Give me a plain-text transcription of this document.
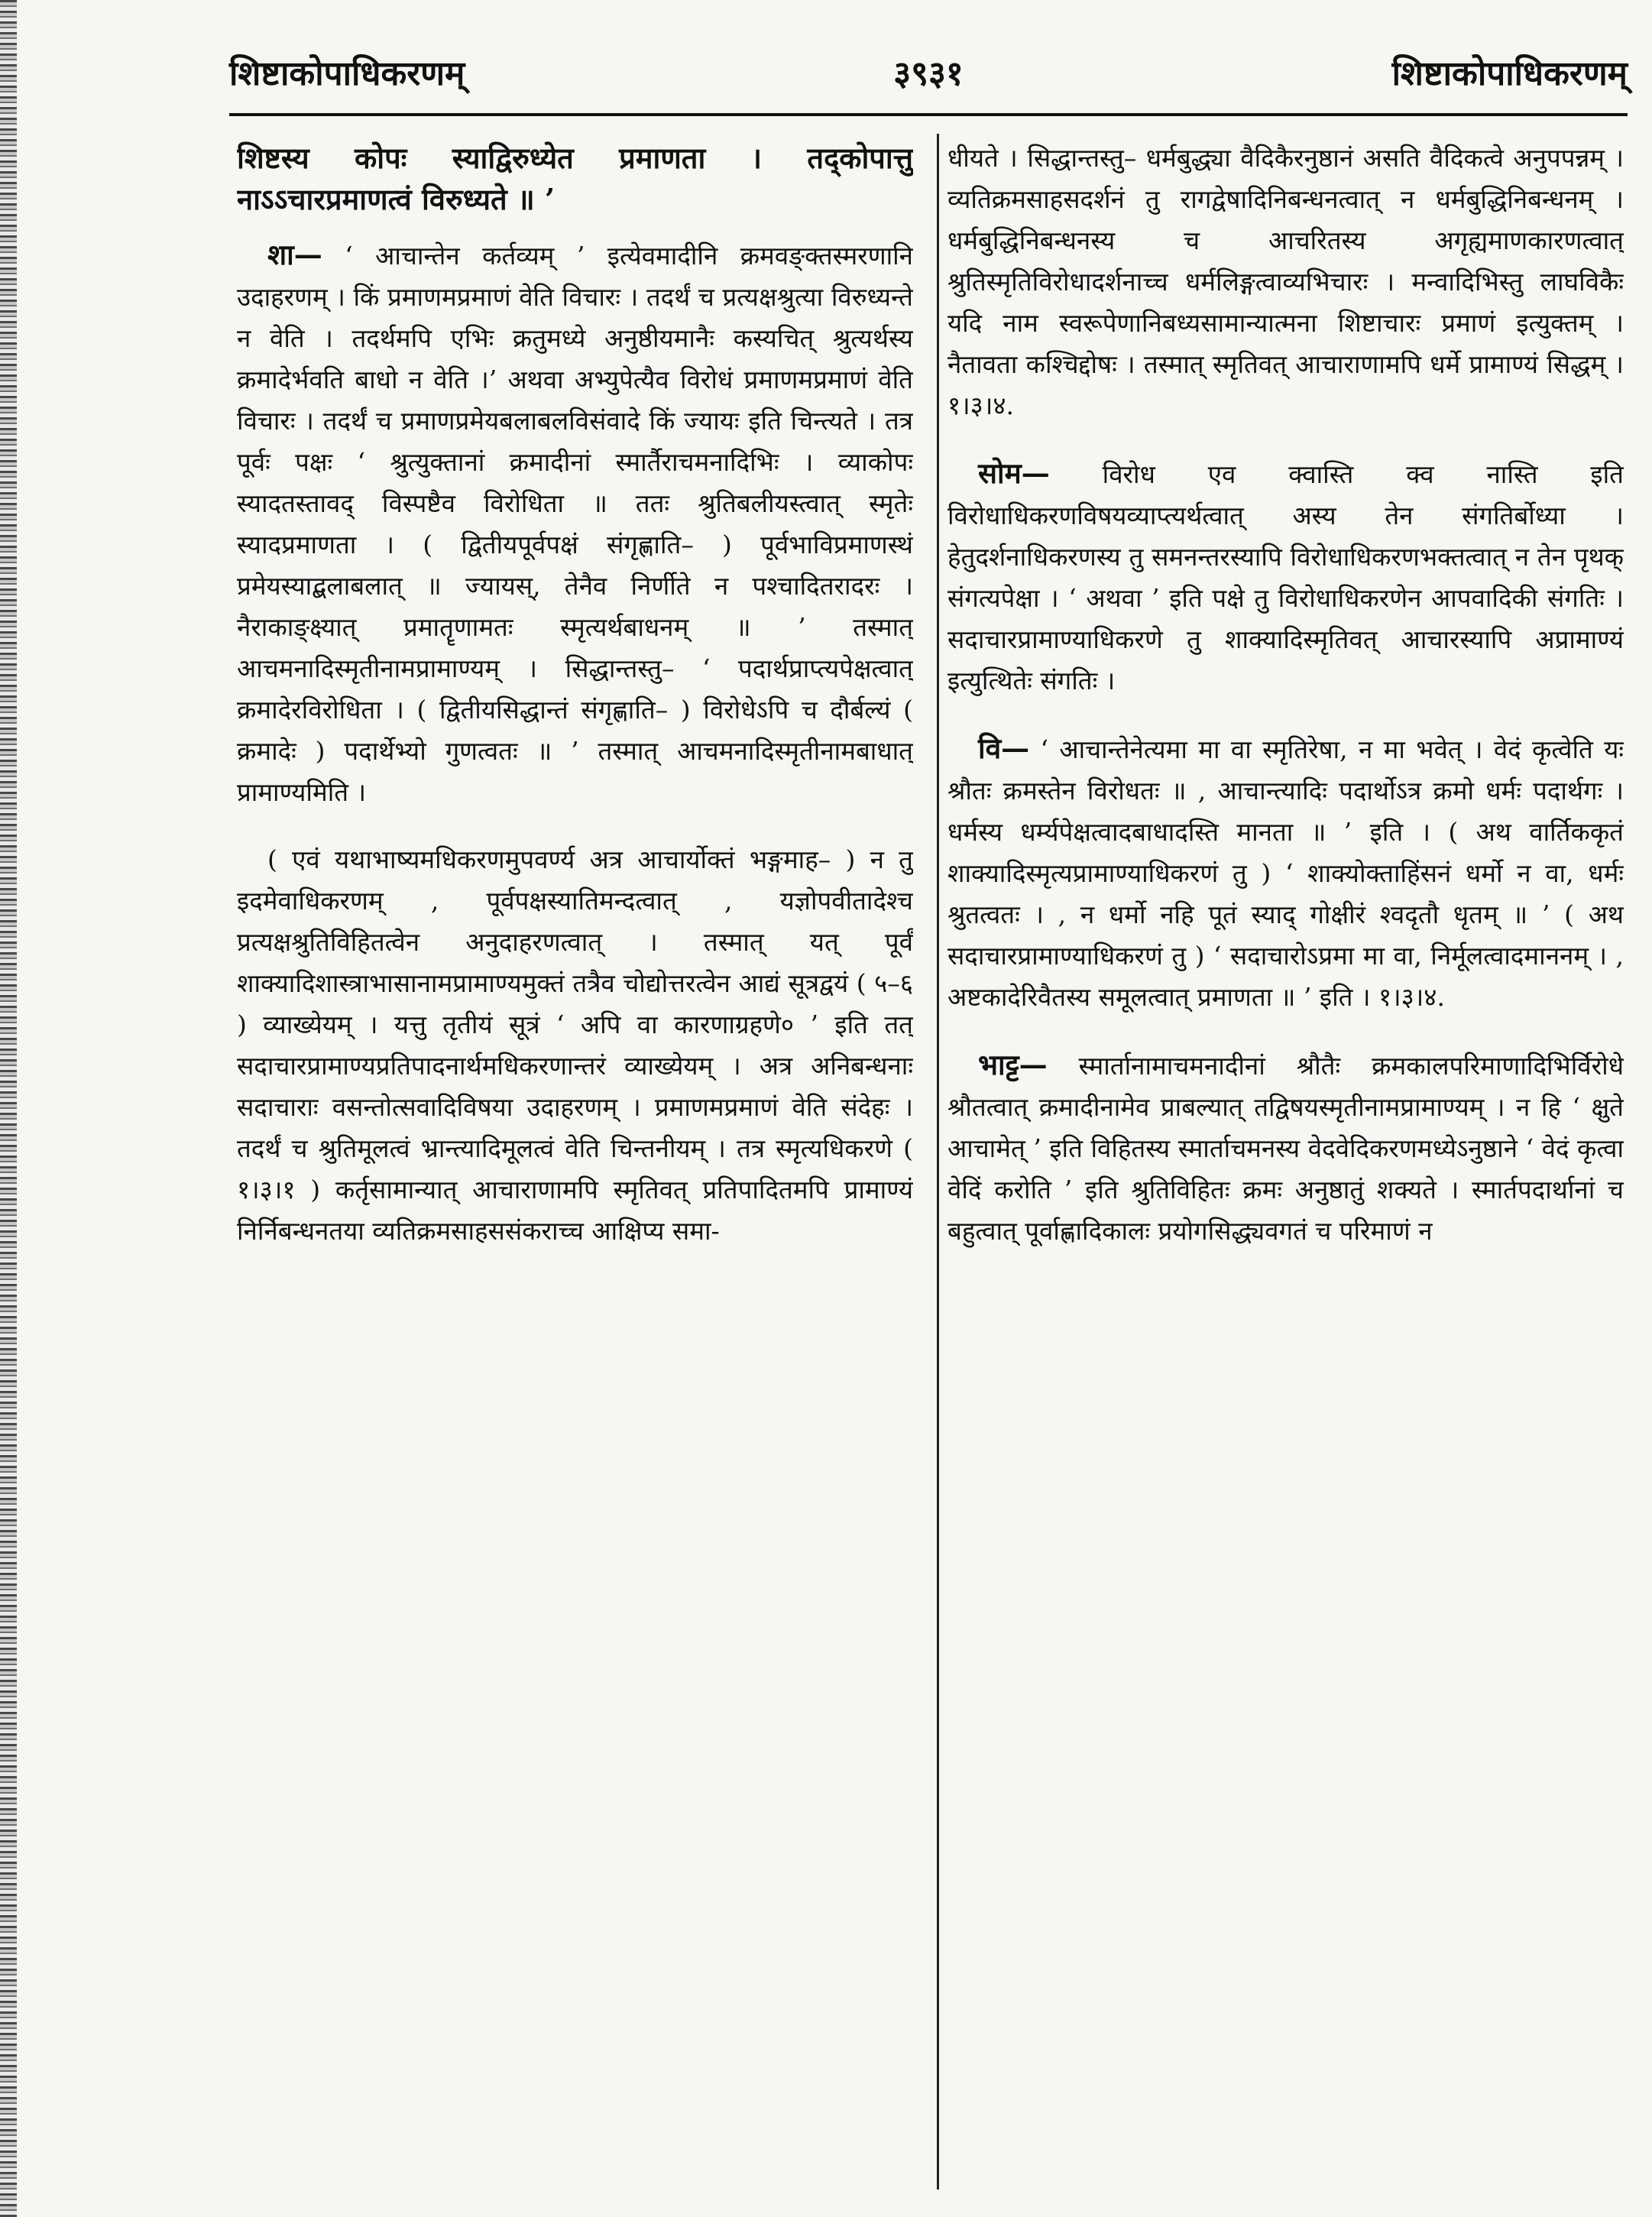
शिष्टाकोपाधिकरणम्	३९३१	शिष्टाकोपाधिकरणम्

शिष्टस्य कोपः स्याद्विरुध्येत प्रमाणता । तद्कोपात्तु नाऽऽचारप्रमाणत्वं विरुध्यते ॥ ’

शा— ‘ आचान्तेन कर्तव्यम् ’ इत्येवमादीनि क्रमवङ्क्तस्मरणानि उदाहरणम् । किं प्रमाणमप्रमाणं वेति विचारः । तदर्थं च प्रत्यक्षश्रुत्या विरुध्यन्ते न वेति । तदर्थमपि एभिः क्रतुमध्ये अनुष्ठीयमानैः कस्यचित् श्रुत्यर्थस्य क्रमादेर्भवति बाधो न वेति ।’ अथवा अभ्युपेत्यैव विरोधं प्रमाणमप्रमाणं वेति विचारः । तदर्थं च प्रमाणप्रमेयबलाबलविसंवादे किं ज्यायः इति चिन्त्यते । तत्र पूर्वः पक्षः ‘ श्रुत्युक्तानां क्रमादीनां स्मार्तैराचमनादिभिः । व्याकोपः स्यादतस्तावद् विस्पष्टैव विरोधिता ॥ ततः श्रुतिबलीयस्त्वात् स्मृतेः स्यादप्रमाणता । ( द्वितीयपूर्वपक्षं संगृह्णाति– ) पूर्वभाविप्रमाणस्थं प्रमेयस्याद्बलाबलात् ॥ ज्यायस्, तेनैव निर्णीते न पश्चादितरादरः । नैराकाङ्क्ष्यात् प्रमातॄणामतः स्मृत्यर्थबाधनम् ॥ ’ तस्मात् आचमनादिस्मृतीनामप्रामाण्यम् । सिद्धान्तस्तु– ‘ पदार्थप्राप्त्यपेक्षत्वात् क्रमादेरविरोधिता । ( द्वितीयसिद्धान्तं संगृह्णाति– ) विरोधेऽपि च दौर्बल्यं ( क्रमादेः ) पदार्थेभ्यो गुणत्वतः ॥ ’ तस्मात् आचमनादिस्मृतीनामबाधात् प्रामाण्यमिति ।

( एवं यथाभाष्यमधिकरणमुपवर्ण्य अत्र आचार्योक्तं भङ्गमाह– ) न तु इदमेवाधिकरणम् , पूर्वपक्षस्यातिमन्दत्वात् , यज्ञोपवीतादेश्च प्रत्यक्षश्रुतिविहितत्वेन अनुदाहरणत्वात् । तस्मात् यत् पूर्वं शाक्यादिशास्त्राभासानामप्रामाण्यमुक्तं तत्रैव चोद्योत्तरत्वेन आद्यं सूत्रद्वयं ( ५–६ ) व्याख्येयम् । यत्तु तृतीयं सूत्रं ‘ अपि वा कारणाग्रहणे० ’ इति तत् सदाचारप्रामाण्यप्रतिपादनार्थमधिकरणान्तरं व्याख्येयम् । अत्र अनिबन्धनाः सदाचाराः वसन्तोत्सवादिविषया उदाहरणम् । प्रमाणमप्रमाणं वेति संदेहः । तदर्थं च श्रुतिमूलत्वं भ्रान्त्यादिमूलत्वं वेति चिन्तनीयम् । तत्र स्मृत्यधिकरणे ( १।३।१ ) कर्तृसामान्यात् आचाराणामपि स्मृतिवत् प्रतिपादितमपि प्रामाण्यं निर्निबन्धनतया व्यतिक्रमसाहससंकराच्च आक्षिप्य समा-

धीयते । सिद्धान्तस्तु– धर्मबुद्ध्या वैदिकैरनुष्ठानं असति वैदिकत्वे अनुपपन्नम् । व्यतिक्रमसाहसदर्शनं तु रागद्वेषादिनिबन्धनत्वात् न धर्मबुद्धिनिबन्धनम् । धर्मबुद्धिनिबन्धनस्य च आचरितस्य अगृह्यमाणकारणत्वात् श्रुतिस्मृतिविरोधादर्शनाच्च धर्मलिङ्गत्वाव्यभिचारः । मन्वादिभिस्तु लाघविकैः यदि नाम स्वरूपेणानिबध्यसामान्यात्मना शिष्टाचारः प्रमाणं इत्युक्तम् । नैतावता कश्चिद्दोषः । तस्मात् स्मृतिवत् आचाराणामपि धर्मे प्रामाण्यं सिद्धम् । १।३।४.

सोम— विरोध एव क्वास्ति क्व नास्ति इति विरोधाधिकरणविषयव्याप्त्यर्थत्वात् अस्य तेन संगतिर्बोध्या । हेतुदर्शनाधिकरणस्य तु समनन्तरस्यापि विरोधाधिकरणभक्तत्वात् न तेन पृथक् संगत्यपेक्षा । ‘ अथवा ’ इति पक्षे तु विरोधाधिकरणेन आपवादिकी संगतिः । सदाचारप्रामाण्याधिकरणे तु शाक्यादिस्मृतिवत् आचारस्यापि अप्रामाण्यं इत्युत्थितेः संगतिः ।

वि— ‘ आचान्तेनेत्यमा मा वा स्मृतिरेषा, न मा भवेत् । वेदं कृत्वेति यः श्रौतः क्रमस्तेन विरोधतः ॥ , आचान्त्यादिः पदार्थोऽत्र क्रमो धर्मः पदार्थगः । धर्मस्य धर्म्यपेक्षत्वादबाधादस्ति मानता ॥ ’ इति । ( अथ वार्तिककृतं शाक्यादिस्मृत्यप्रामाण्याधिकरणं तु ) ‘ शाक्योक्ताहिंसनं धर्मो न वा, धर्मः श्रुतत्वतः । , न धर्मो नहि पूतं स्याद् गोक्षीरं श्वदृतौ धृतम् ॥ ’ ( अथ सदाचारप्रामाण्याधिकरणं तु ) ‘ सदाचारोऽप्रमा मा वा, निर्मूलत्वादमाननम् । , अष्टकादेरिवैतस्य समूलत्वात् प्रमाणता ॥ ’ इति । १।३।४.

भाट्ट— स्मार्तानामाचमनादीनां श्रौतैः क्रमकालपरिमाणादिभिर्विरोधे श्रौतत्वात् क्रमादीनामेव प्राबल्यात् तद्विषयस्मृतीनामप्रामाण्यम् । न हि ‘ क्षुते आचामेत् ’ इति विहितस्य स्मार्ताचमनस्य वेदवेदिकरणमध्येऽनुष्ठाने ‘ वेदं कृत्वा वेदिं करोति ’ इति श्रुतिविहितः क्रमः अनुष्ठातुं शक्यते । स्मार्तपदार्थानां च बहुत्वात् पूर्वाह्णादिकालः प्रयोगसिद्ध्यवगतं च परिमाणं न
